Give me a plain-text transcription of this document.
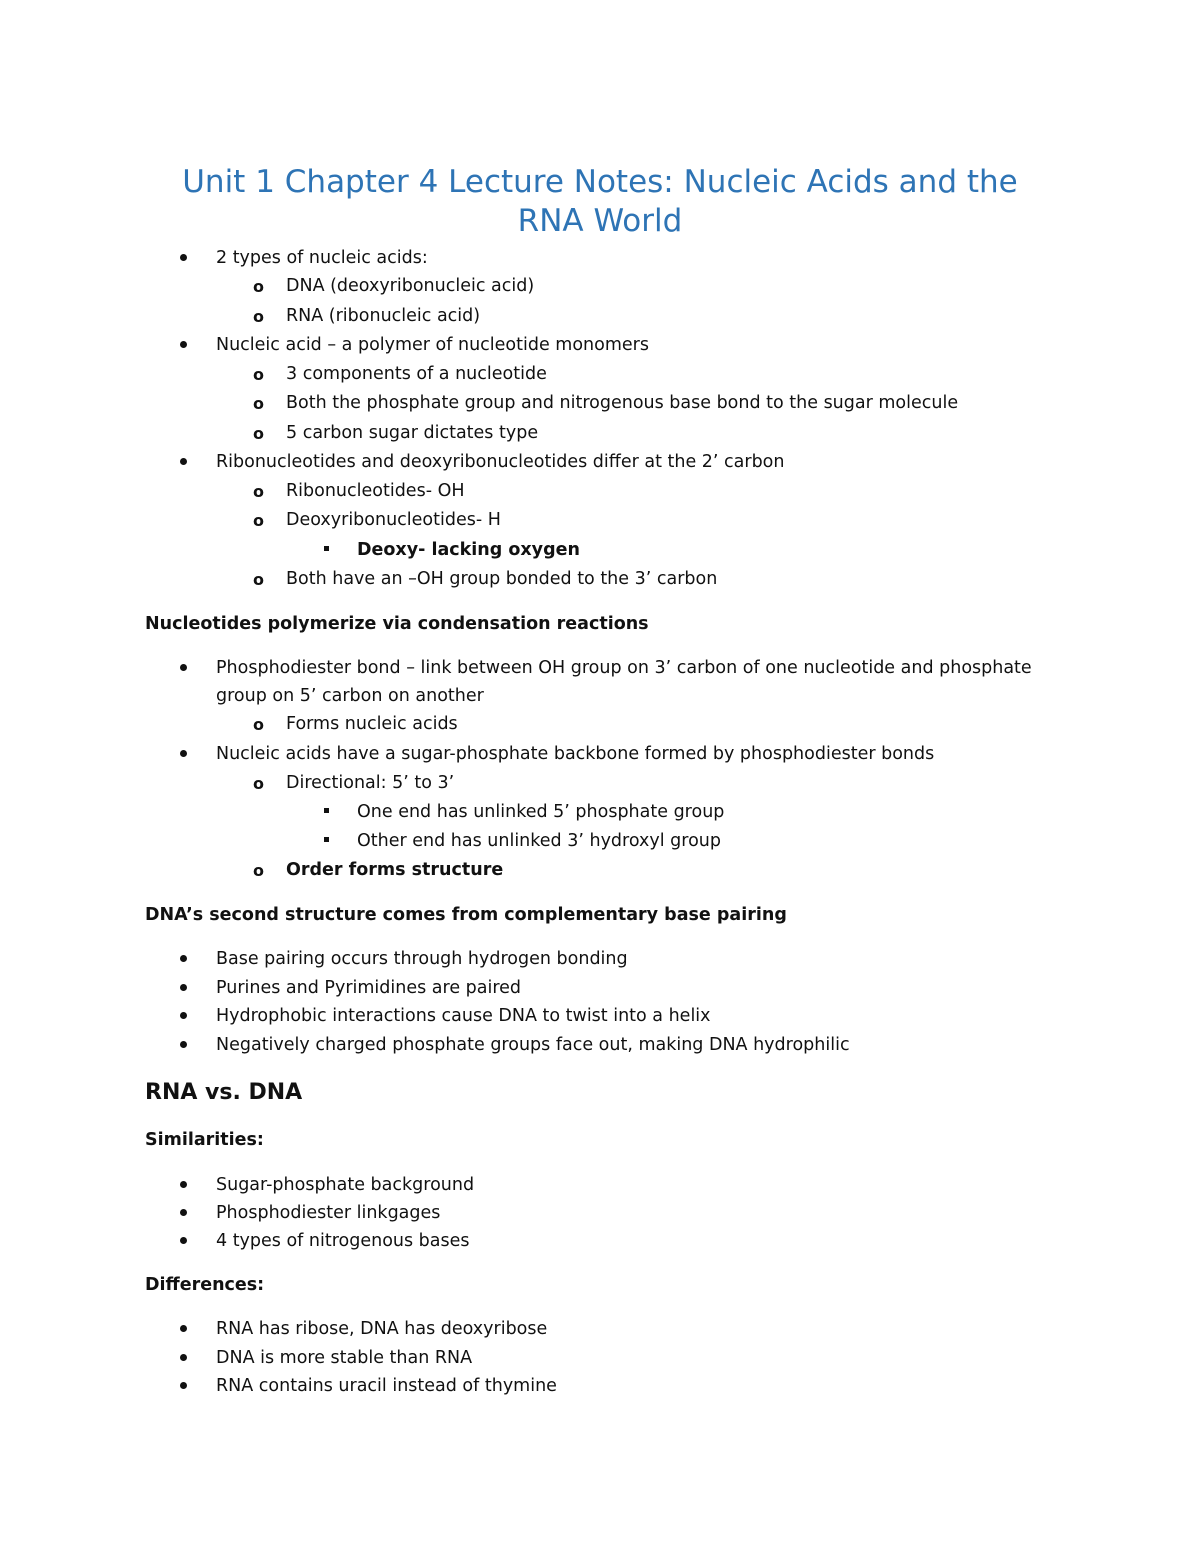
Unit 1 Chapter 4 Lecture Notes: Nucleic Acids and the
RNA World
2 types of nucleic acids:
o DNA (deoxyribonucleic acid)
o RNA (ribonucleic acid)
Nucleic acid – a polymer of nucleotide monomers
o 3 components of a nucleotide
o Both the phosphate group and nitrogenous base bond to the sugar molecule
o 5 carbon sugar dictates type
Ribonucleotides and deoxyribonucleotides differ at the 2’ carbon
o Ribonucleotides- OH
o Deoxyribonucleotides- H
Deoxy- lacking oxygen
o Both have an –OH group bonded to the 3’ carbon
Nucleotides polymerize via condensation reactions
Phosphodiester bond – link between OH group on 3’ carbon of one nucleotide and phosphate
group on 5’ carbon on another
o Forms nucleic acids
Nucleic acids have a sugar-phosphate backbone formed by phosphodiester bonds
o Directional: 5’ to 3’
One end has unlinked 5’ phosphate group
Other end has unlinked 3’ hydroxyl group
o Order forms structure
DNA’s second structure comes from complementary base pairing
Base pairing occurs through hydrogen bonding
Purines and Pyrimidines are paired
Hydrophobic interactions cause DNA to twist into a helix
Negatively charged phosphate groups face out, making DNA hydrophilic
RNA vs. DNA
Similarities:
Sugar-phosphate background
Phosphodiester linkgages
4 types of nitrogenous bases
Differences:
RNA has ribose, DNA has deoxyribose
DNA is more stable than RNA
RNA contains uracil instead of thymine
